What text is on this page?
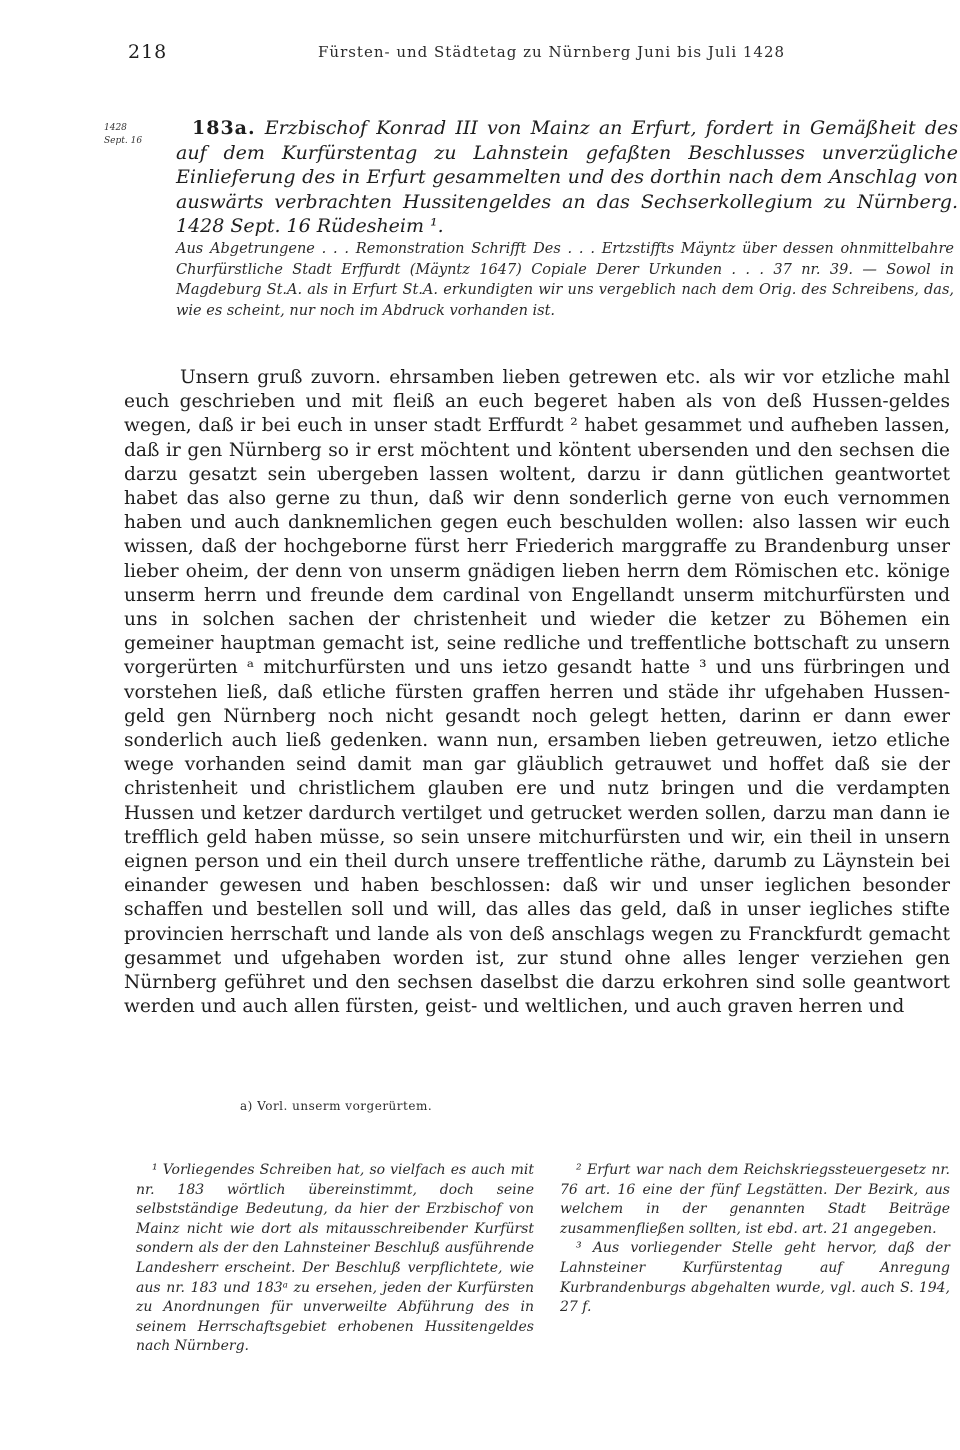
218	Fürsten- und Städtetag zu Nürnberg Juni bis Juli 1428
1428
Sept. 16
183a. Erzbischof Konrad III von Mainz an Erfurt, fordert in Gemäßheit des auf dem Kurfürstentag zu Lahnstein gefaßten Beschlusses unverzügliche Einlieferung des in Erfurt gesammelten und des dorthin nach dem Anschlag von auswärts verbrachten Hussitengeldes an das Sechserkollegium zu Nürnberg. 1428 Sept. 16 Rüdesheim ¹.
Aus Abgetrungene . . . Remonstration Schrifft Des . . . Ertzstiffts Mäyntz über dessen ohnmittelbahre Churfürstliche Stadt Erffurdt (Mäyntz 1647) Copiale Derer Urkunden . . . 37 nr. 39. — Sowol in Magdeburg St.A. als in Erfurt St.A. erkundigten wir uns vergeblich nach dem Orig. des Schreibens, das, wie es scheint, nur noch im Abdruck vorhanden ist.
Unsern gruß zuvorn. ehrsamben lieben getrewen etc. als wir vor etzliche mahl euch geschrieben und mit fleiß an euch begeret haben als von deß Hussen-geldes wegen, daß ir bei euch in unser stadt Erffurdt ² habet gesammet und aufheben lassen, daß ir gen Nürnberg so ir erst möchtent und köntent ubersenden und den sechsen die darzu gesatzt sein ubergeben lassen woltent, darzu ir dann gütlichen geantwortet habet das also gerne zu thun, daß wir denn sonderlich gerne von euch vernommen haben und auch danknemlichen gegen euch beschulden wollen: also lassen wir euch wissen, daß der hochgeborne fürst herr Friederich marggraffe zu Brandenburg unser lieber oheim, der denn von unserm gnädigen lieben herrn dem Römischen etc. könige unserm herrn und freunde dem cardinal von Engellandt unserm mitchurfürsten und uns in solchen sachen der christenheit und wieder die ketzer zu Böhemen ein gemeiner hauptman gemacht ist, seine redliche und treffentliche bottschaft zu unsern vorgerürten ᵃ mitchurfürsten und uns ietzo gesandt hatte ³ und uns fürbringen und vorstehen ließ, daß etliche fürsten graffen herren und städe ihr ufgehaben Hussen-geld gen Nürnberg noch nicht gesandt noch gelegt hetten, darinn er dann ewer sonderlich auch ließ gedenken. wann nun, ersamben lieben getreuwen, ietzo etliche wege vorhanden seind damit man gar gläublich getrauwet und hoffet daß sie der christenheit und christlichem glauben ere und nutz bringen und die verdampten Hussen und ketzer dardurch vertilget und getrucket werden sollen, darzu man dann ie trefflich geld haben müsse, so sein unsere mitchurfürsten und wir, ein theil in unsern eignen person und ein theil durch unsere treffentliche räthe, darumb zu Läynstein bei einander gewesen und haben beschlossen: daß wir und unser ieglichen besonder schaffen und bestellen soll und will, das alles das geld, daß in unser iegliches stifte provincien herrschaft und lande als von deß anschlags wegen zu Franckfurdt gemacht gesammet und ufgehaben worden ist, zur stund ohne alles lenger verziehen gen Nürnberg geführet und den sechsen daselbst die darzu erkohren sind solle geantwort werden und auch allen fürsten, geist- und weltlichen, und auch graven herren und
a) Vorl. unserm vorgerürtem.

¹ Vorliegendes Schreiben hat, so vielfach es auch mit nr. 183 wörtlich übereinstimmt, doch seine selbstständige Bedeutung, da hier der Erzbischof von Mainz nicht wie dort als mitausschreibender Kurfürst sondern als der den Lahnsteiner Beschluß ausführende Landesherr erscheint. Der Beschluß verpflichtete, wie aus nr. 183 und 183ᵃ zu ersehen, jeden der Kurfürsten zu Anordnungen für unverweilte Abführung des in seinem Herrschaftsgebiet erhobenen Hussitengeldes nach Nürnberg.

² Erfurt war nach dem Reichskriegssteuergesetz nr. 76 art. 16 eine der fünf Legstätten. Der Bezirk, aus welchem in der genannten Stadt Beiträge zusammenfließen sollten, ist ebd. art. 21 angegeben.

³ Aus vorliegender Stelle geht hervor, daß der Lahnsteiner Kurfürstentag auf Anregung Kurbrandenburgs abgehalten wurde, vgl. auch S. 194, 27 f.
